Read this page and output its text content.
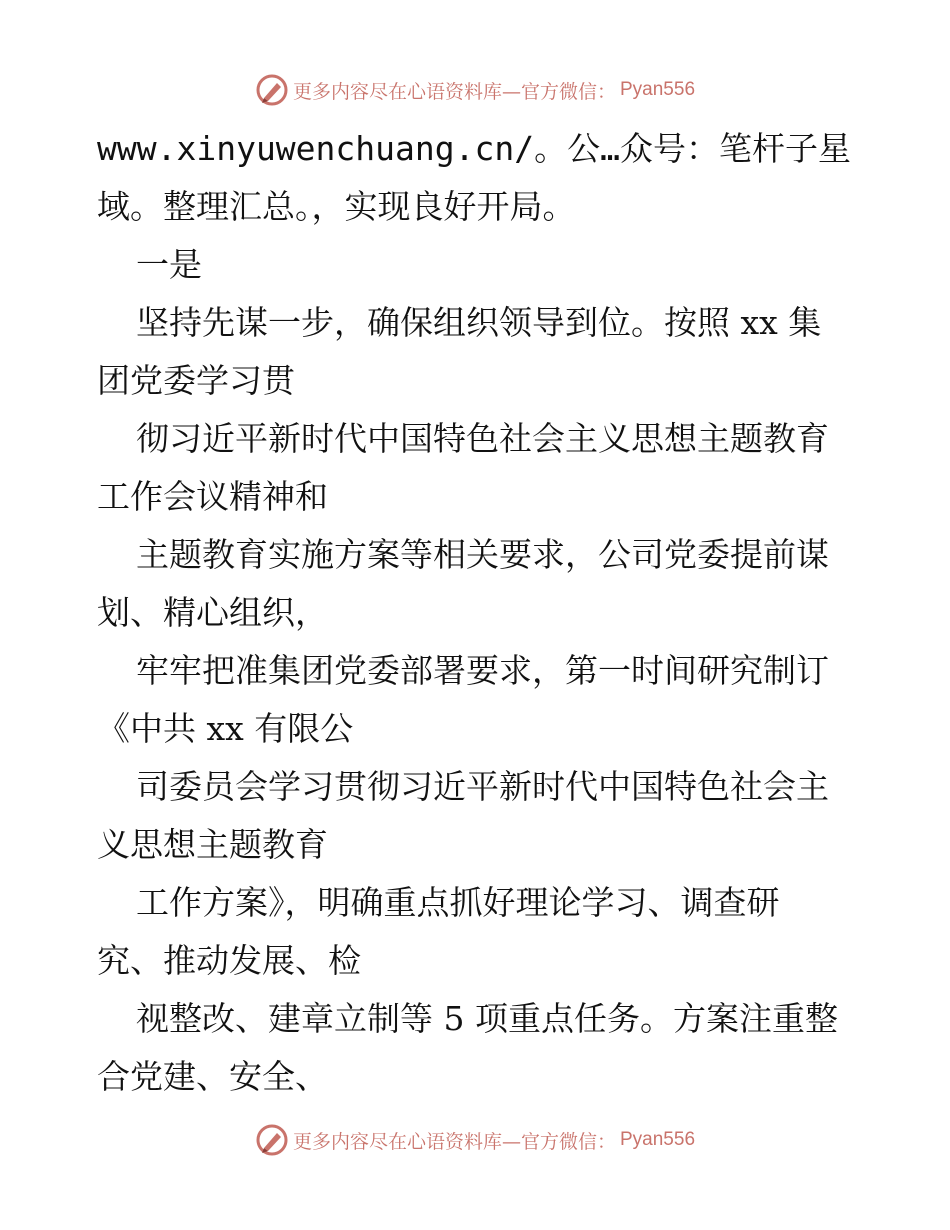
更多内容尽在心语资料库—官方微信： Pyan556
www.xinyuwenchuang.cn/。公…众号：笔杆子星
域。整理汇总。，实现良好开局。
一是
坚持先谋一步，确保组织领导到位。按照 xx 集
团党委学习贯
彻习近平新时代中国特色社会主义思想主题教育
工作会议精神和
主题教育实施方案等相关要求，公司党委提前谋
划、精心组织，
牢牢把准集团党委部署要求，第一时间研究制订
《中共 xx 有限公
司委员会学习贯彻习近平新时代中国特色社会主
义思想主题教育
工作方案》，明确重点抓好理论学习、调查研
究、推动发展、检
视整改、建章立制等 5 项重点任务。方案注重整
合党建、安全、
更多内容尽在心语资料库—官方微信： Pyan556
